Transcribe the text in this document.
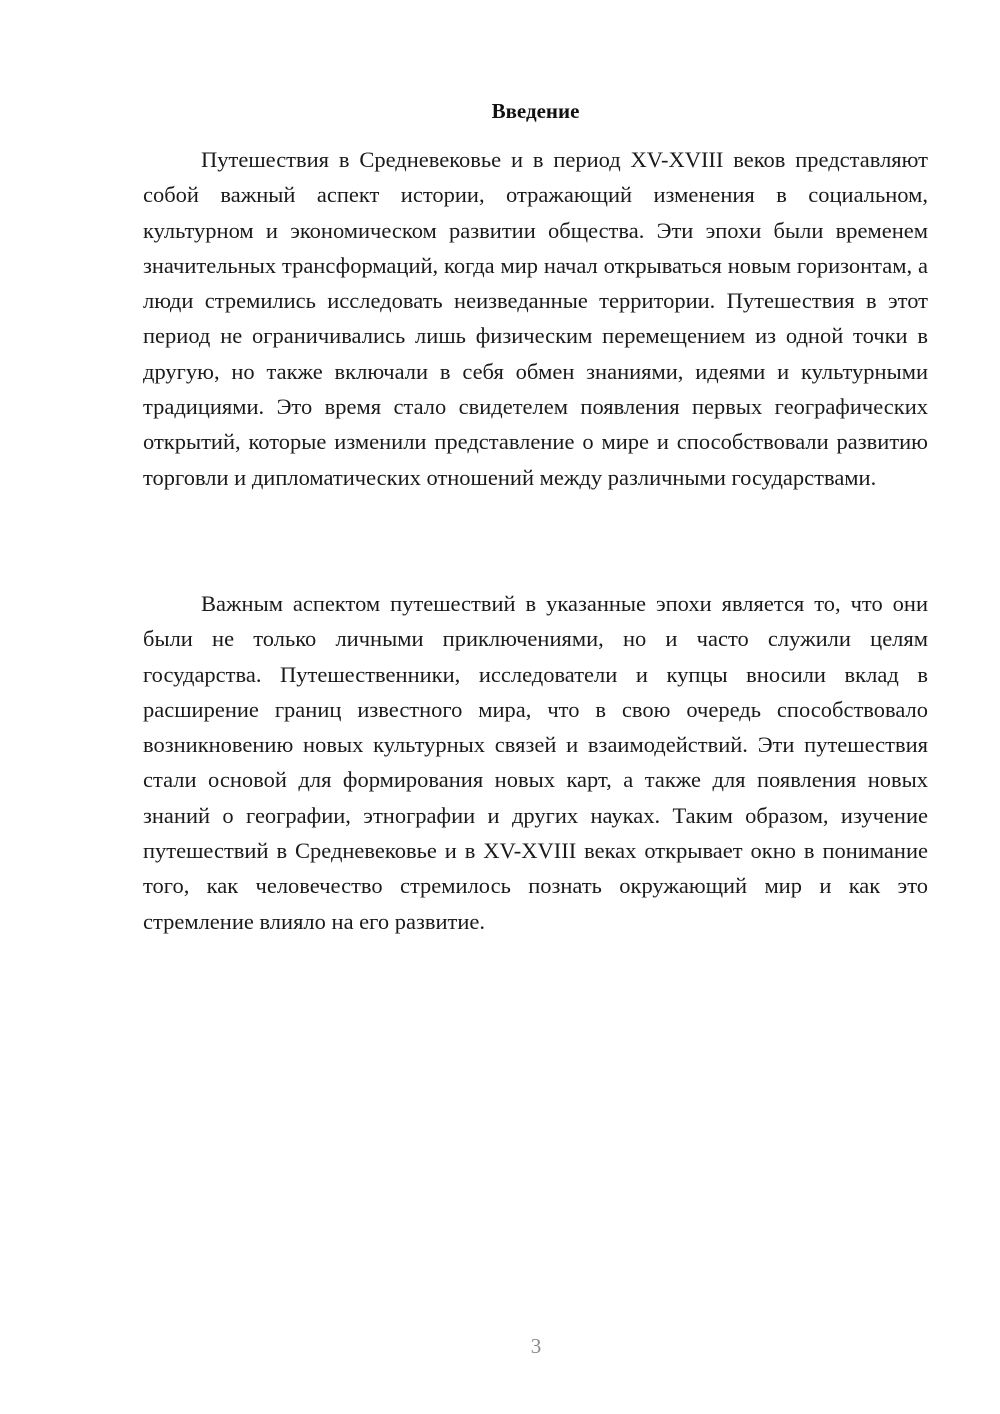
Введение

Путешествия в Средневековье и в период XV-XVIII веков представляют собой важный аспект истории, отражающий изменения в социальном, культурном и экономическом развитии общества. Эти эпохи были временем значительных трансформаций, когда мир начал открываться новым горизонтам, а люди стремились исследовать неизведанные территории. Путешествия в этот период не ограничивались лишь физическим перемещением из одной точки в другую, но также включали в себя обмен знаниями, идеями и культурными традициями. Это время стало свидетелем появления первых географических открытий, которые изменили представление о мире и способствовали развитию торговли и дипломатических отношений между различными государствами.

Важным аспектом путешествий в указанные эпохи является то, что они были не только личными приключениями, но и часто служили целям государства. Путешественники, исследователи и купцы вносили вклад в расширение границ известного мира, что в свою очередь способствовало возникновению новых культурных связей и взаимодействий. Эти путешествия стали основой для формирования новых карт, а также для появления новых знаний о географии, этнографии и других науках. Таким образом, изучение путешествий в Средневековье и в XV-XVIII веках открывает окно в понимание того, как человечество стремилось познать окружающий мир и как это стремление влияло на его развитие.

3
